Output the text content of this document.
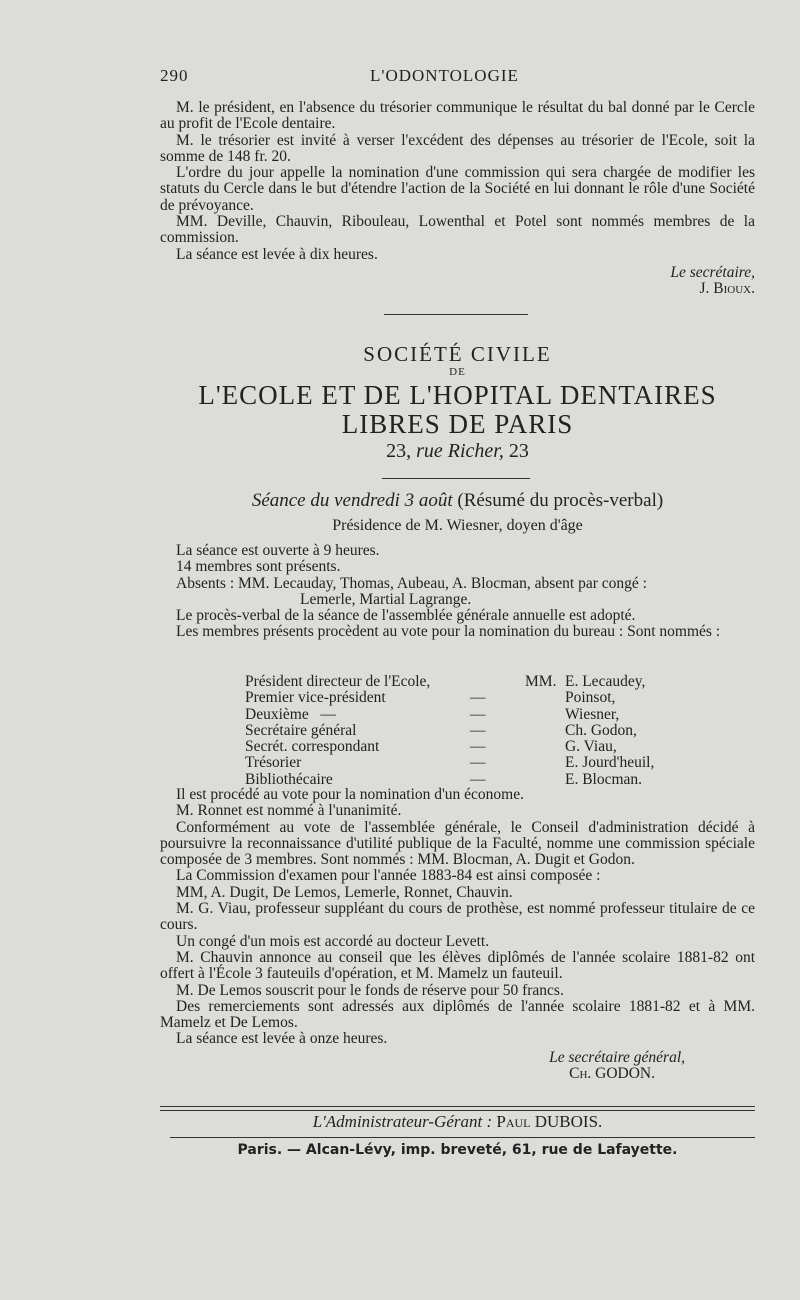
290	L'ODONTOLOGIE

M. le président, en l'absence du trésorier communique le résultat du bal donné par le Cercle au profit de l'Ecole dentaire.

M. le trésorier est invité à verser l'excédent des dépenses au trésorier de l'Ecole, soit la somme de 148 fr. 20.

L'ordre du jour appelle la nomination d'une commission qui sera chargée de modifier les statuts du Cercle dans le but d'étendre l'action de la Société en lui donnant le rôle d'une Société de prévoyance.

MM. Deville, Chauvin, Ribouleau, Lowenthal et Potel sont nommés membres de la commission.

La séance est levée à dix heures.

Le secrétaire,

J. Bioux.

SOCIÉTÉ CIVILE
DE
L'ECOLE ET DE L'HOPITAL DENTAIRES
LIBRES DE PARIS
23, rue Richer, 23
Séance du vendredi 3 août (Résumé du procès-verbal)
Présidence de M. Wiesner, doyen d'âge

La séance est ouverte à 9 heures.

14 membres sont présents.

Absents : MM. Lecauday, Thomas, Aubeau, A. Blocman, absent par congé :

Lemerle, Martial Lagrange.

Le procès-verbal de la séance de l'assemblée générale annuelle est adopté.

Les membres présents procèdent au vote pour la nomination du bureau : Sont nommés :

Président directeur de l'Ecole,	MM. E. Lecaudey,
Premier vice-président	—	Poinsot,
Deuxième   —	—	Wiesner,
Secrétaire général	—	Ch. Godon,
Secrét. correspondant	—	G. Viau,
Trésorier	—	E. Jourd'heuil,
Bibliothécaire	—	E. Blocman.

Il est procédé au vote pour la nomination d'un économe.

M. Ronnet est nommé à l'unanimité.

Conformément au vote de l'assemblée générale, le Conseil d'administration décidé à poursuivre la reconnaissance d'utilité publique de la Faculté, nomme une commission spéciale composée de 3 membres. Sont nommés : MM. Blocman, A. Dugit et Godon.

La Commission d'examen pour l'année 1883-84 est ainsi composée :

MM, A. Dugit, De Lemos, Lemerle, Ronnet, Chauvin.

M. G. Viau, professeur suppléant du cours de prothèse, est nommé professeur titulaire de ce cours.

Un congé d'un mois est accordé au docteur Levett.

M. Chauvin annonce au conseil que les élèves diplômés de l'année scolaire 1881-82 ont offert à l'École 3 fauteuils d'opération, et M. Mamelz un fauteuil.

M. De Lemos souscrit pour le fonds de réserve pour 50 francs.

Des remerciements sont adressés aux diplômés de l'année scolaire 1881-82 et à MM. Mamelz et De Lemos.

La séance est levée à onze heures.

Le secrétaire général,

Ch. GODON.

L'Administrateur-Gérant : Paul DUBOIS.
Paris. — Alcan-Lévy, imp. breveté, 61, rue de Lafayette.
